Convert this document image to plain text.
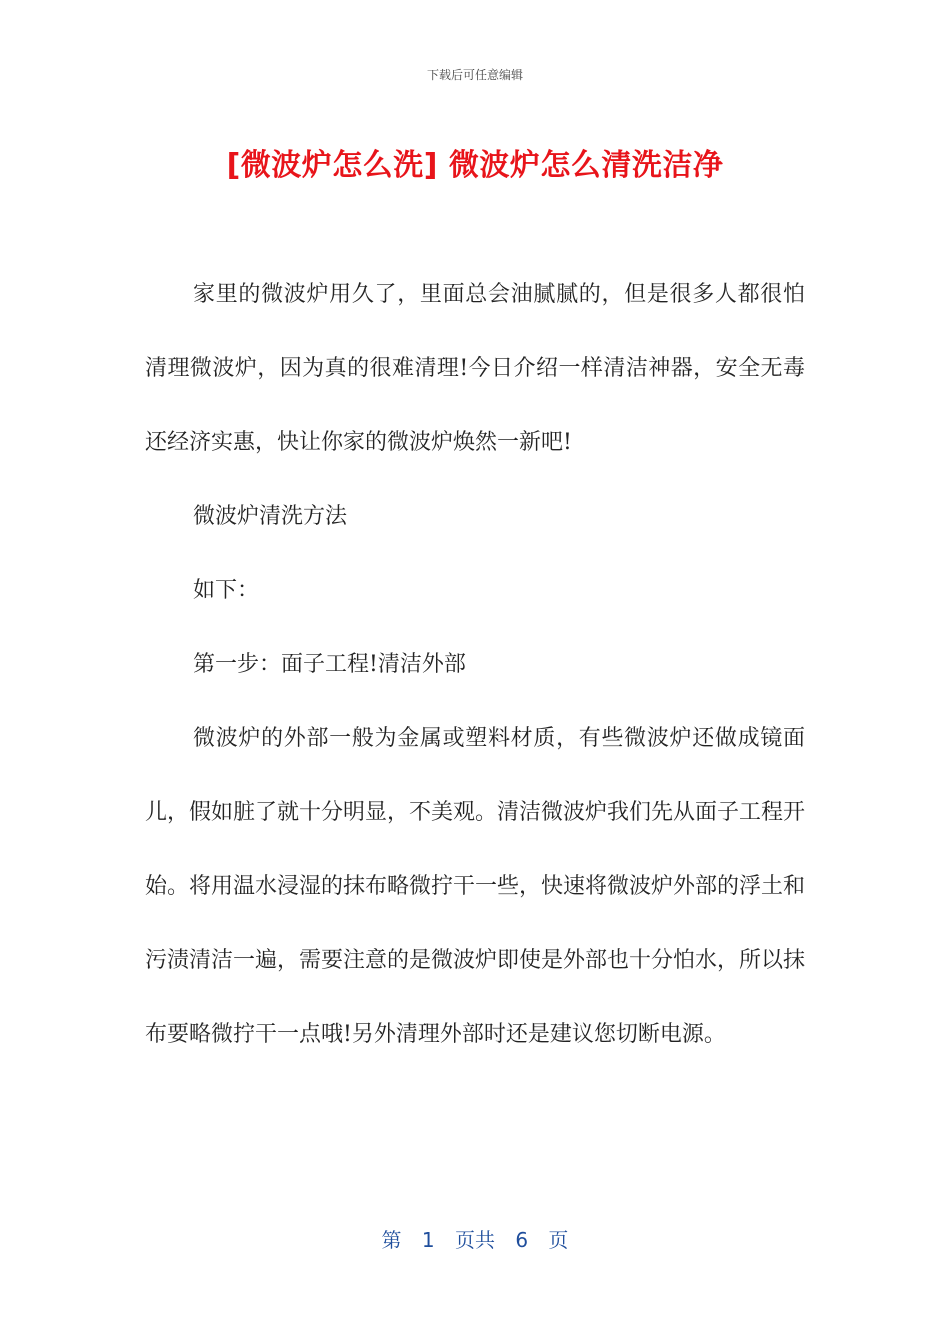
下载后可任意编辑
[微波炉怎么洗] 微波炉怎么清洗洁净

家里的微波炉用久了，里面总会油腻腻的，但是很多人都很怕清理微波炉，因为真的很难清理!今日介绍一样清洁神器，安全无毒还经济实惠，快让你家的微波炉焕然一新吧!

微波炉清洗方法

如下：

第一步：面子工程!清洁外部

微波炉的外部一般为金属或塑料材质，有些微波炉还做成镜面儿，假如脏了就十分明显，不美观。清洁微波炉我们先从面子工程开始。将用温水浸湿的抹布略微拧干一些，快速将微波炉外部的浮土和污渍清洁一遍，需要注意的是微波炉即使是外部也十分怕水，所以抹布要略微拧干一点哦!另外清理外部时还是建议您切断电源。

第 1 页共 6 页
